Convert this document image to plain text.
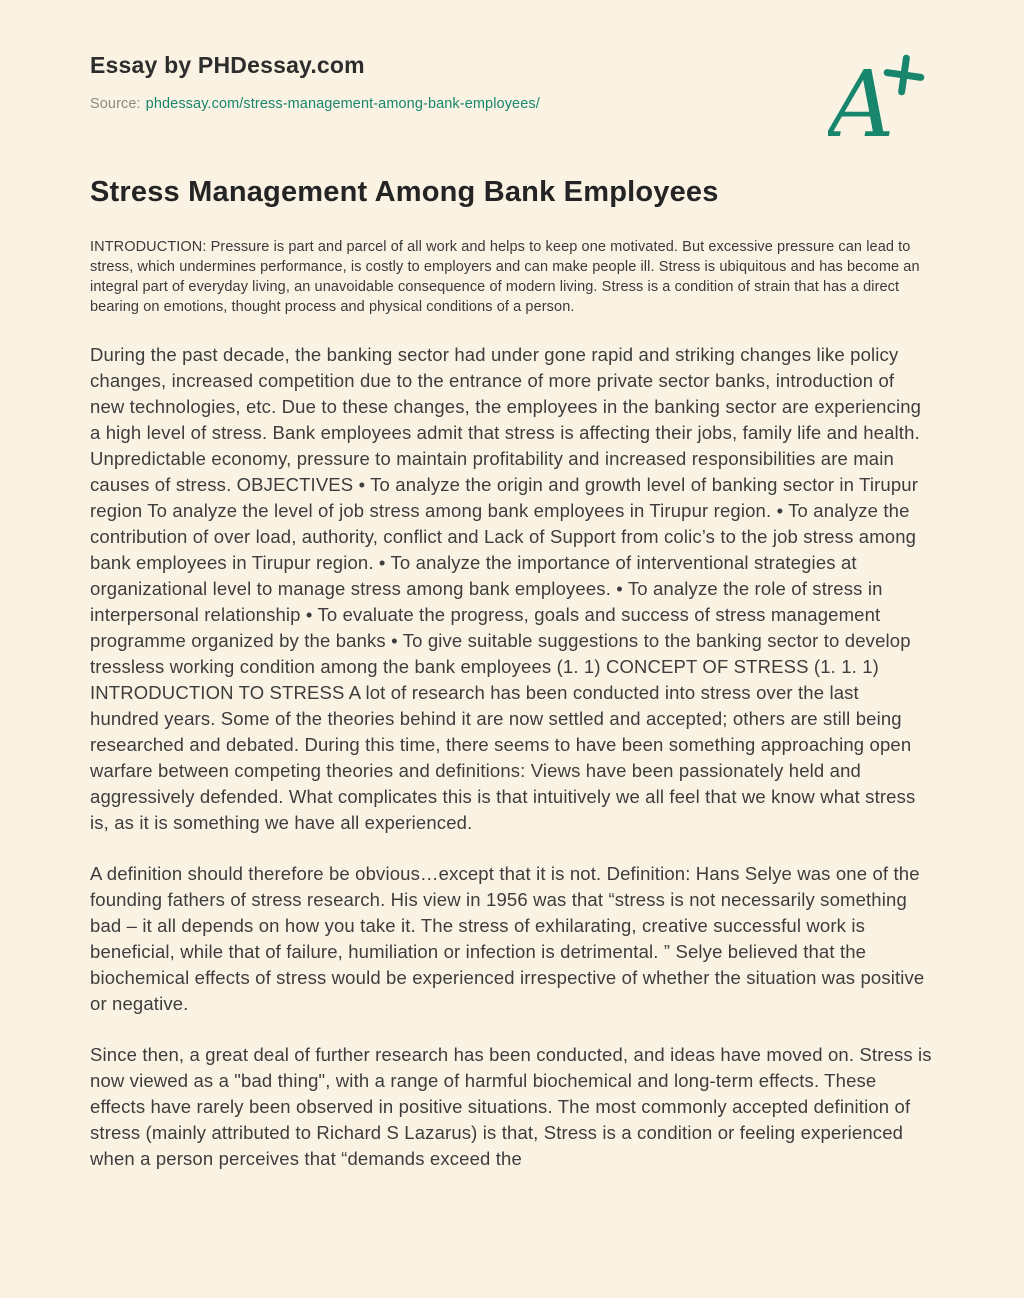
Essay by PHDessay.com
Source: phdessay.com/stress-management-among-bank-employees/	A
Stress Management Among Bank Employees

INTRODUCTION: Pressure is part and parcel of all work and helps to keep one motivated. But excessive pressure can lead to stress, which undermines performance, is costly to employers and can make people ill. Stress is ubiquitous and has become an integral part of everyday living, an unavoidable consequence of modern living. Stress is a condition of strain that has a direct bearing on emotions, thought process and physical conditions of a person.

During the past decade, the banking sector had under gone rapid and striking changes like policy changes, increased competition due to the entrance of more private sector banks, introduction of new technologies, etc. Due to these changes, the employees in the banking sector are experiencing a high level of stress. Bank employees admit that stress is affecting their jobs, family life and health. Unpredictable economy, pressure to maintain profitability and increased responsibilities are main causes of stress. OBJECTIVES • To analyze the origin and growth level of banking sector in Tirupur region To analyze the level of job stress among bank employees in Tirupur region. • To analyze the contribution of over load, authority, conflict and Lack of Support from colic’s to the job stress among bank employees in Tirupur region. • To analyze the importance of interventional strategies at organizational level to manage stress among bank employees. • To analyze the role of stress in interpersonal relationship • To evaluate the progress, goals and success of stress management programme organized by the banks • To give suitable suggestions to the banking sector to develop tressless working condition among the bank employees (1. 1) CONCEPT OF STRESS (1. 1. 1) INTRODUCTION TO STRESS A lot of research has been conducted into stress over the last hundred years. Some of the theories behind it are now settled and accepted; others are still being researched and debated. During this time, there seems to have been something approaching open warfare between competing theories and definitions: Views have been passionately held and aggressively defended. What complicates this is that intuitively we all feel that we know what stress is, as it is something we have all experienced.

A definition should therefore be obvious…except that it is not. Definition: Hans Selye was one of the founding fathers of stress research. His view in 1956 was that “stress is not necessarily something bad – it all depends on how you take it. The stress of exhilarating, creative successful work is beneficial, while that of failure, humiliation or infection is detrimental. ” Selye believed that the biochemical effects of stress would be experienced irrespective of whether the situation was positive or negative.

Since then, a great deal of further research has been conducted, and ideas have moved on. Stress is now viewed as a "bad thing", with a range of harmful biochemical and long-term effects. These effects have rarely been observed in positive situations. The most commonly accepted definition of stress (mainly attributed to Richard S Lazarus) is that, Stress is a condition or feeling experienced when a person perceives that “demands exceed the
